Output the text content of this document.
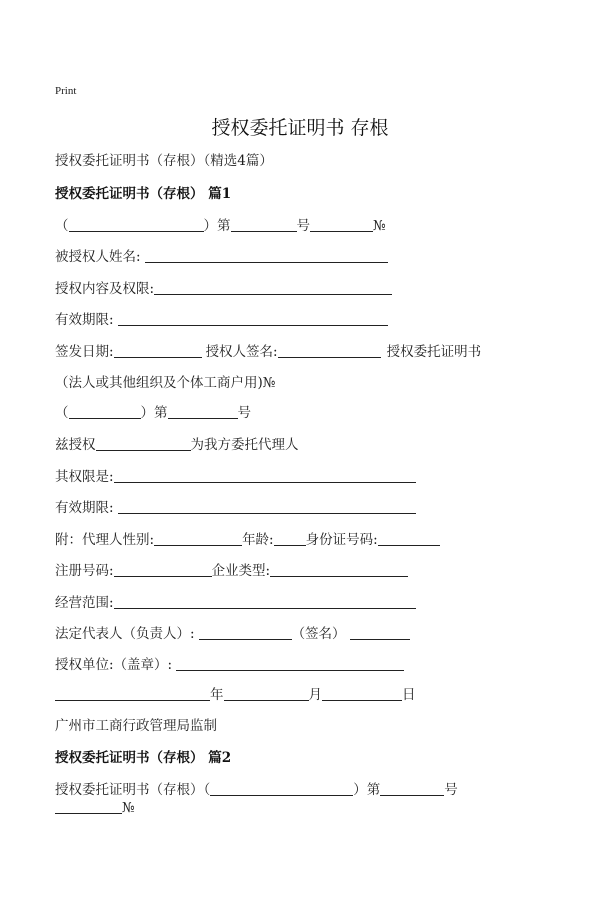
Print
授权委托证明书 存根
授权委托证明书（存根）（精选4篇）
授权委托证明书（存根） 篇1
（	）第	号	№
被授权人姓名:
授权内容及权限:
有效期限:
签发日期:	授权人签名:	授权委托证明书
（法人或其他组织及个体工商户用)№
（	）第	号
兹授权	为我方委托代理人
其权限是:
有效期限:
附：代理人性别:	年龄: 身份证号码:
注册号码:	企业类型:
经营范围:
法定代表人（负责人）:	（签名）
授权单位:（盖章）:
年	月	日
广州市工商行政管理局监制
授权委托证明书（存根） 篇2
授权委托证明书（存根）（	）第	号
№
